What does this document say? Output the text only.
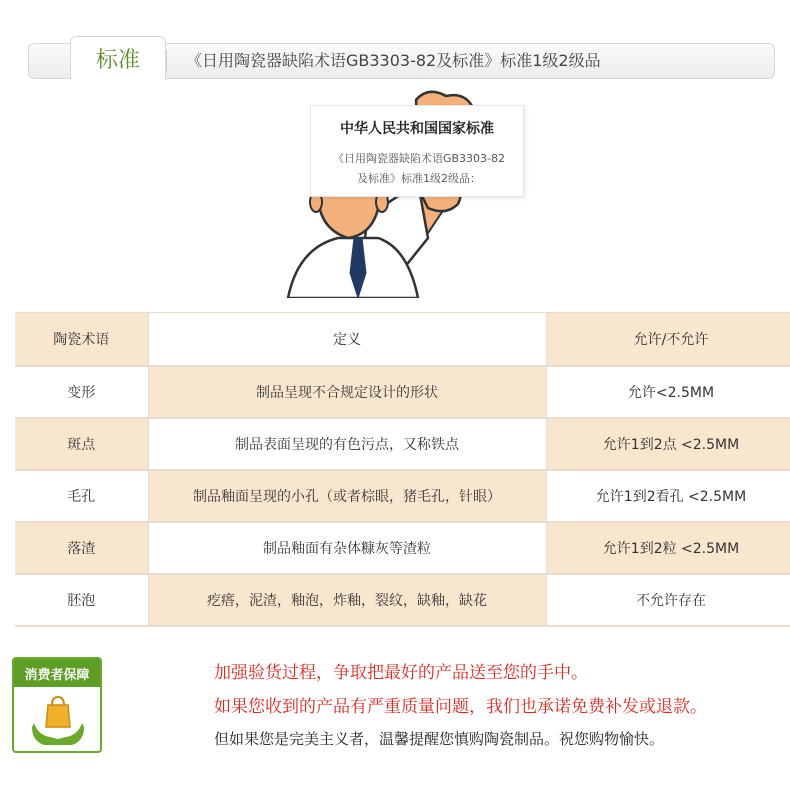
标准	《日用陶瓷器缺陷术语GB3303-82及标准》标准1级2级品
中华人民共和国国家标准
《日用陶瓷器缺陷术语GB3303-82
及标准》标准1级2级品：
陶瓷术语	定义	允许/不允许
变形	制品呈现不合规定设计的形状	允许<2.5MM
斑点	制品表面呈现的有色污点，又称铁点	允许1到2点 <2.5MM
毛孔	制品釉面呈现的小孔（或者棕眼，猪毛孔，针眼）	允许1到2看孔 <2.5MM
落渣	制品釉面有杂体糠灰等渣粒	允许1到2粒 <2.5MM
胚泡	疙瘩，泥渣，釉泡，炸釉，裂纹，缺釉，缺花	不允许存在
消费者保障	加强验货过程，争取把最好的产品送至您的手中。
如果您收到的产品有严重质量问题，我们也承诺免费补发或退款。
但如果您是完美主义者，温馨提醒您慎购陶瓷制品。祝您购物愉快。
